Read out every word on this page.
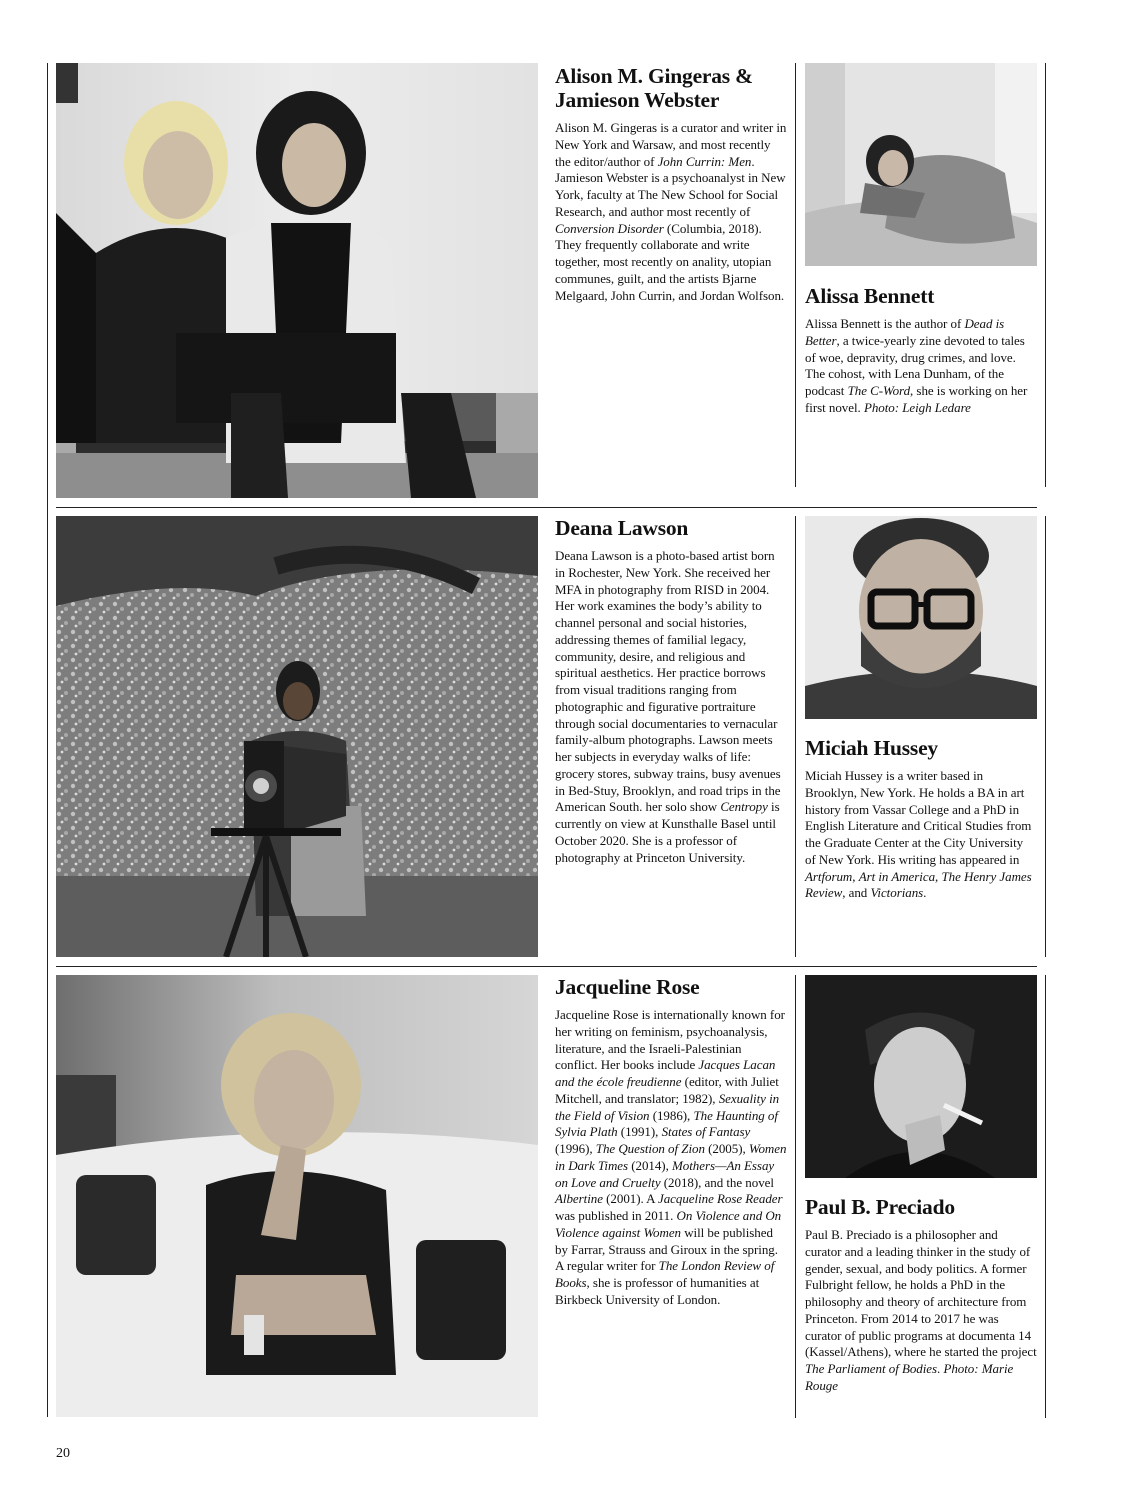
Alison M. Gingeras & Jamieson Webster

Alison M. Gingeras is a curator and writer in New York and Warsaw, and most recently the editor/author of John Currin: Men. Jamieson Webster is a psychoanalyst in New York, faculty at The New School for Social Research, and author most recently of Conversion Disorder (Columbia, 2018). They frequently collaborate and write together, most recently on anality, utopian communes, guilt, and the artists Bjarne Melgaard, John Currin, and Jordan Wolfson. Alissa Bennett

Alissa Bennett is the author of Dead is Better, a twice-yearly zine devoted to tales of woe, depravity, drug crimes, and love. The cohost, with Lena Dunham, of the podcast The C-Word, she is working on her first novel. Photo: Leigh Ledare

Deana Lawson

Deana Lawson is a photo-based artist born in Rochester, New York. She received her MFA in photography from RISD in 2004. Her work examines the body’s ability to channel personal and social histories, addressing themes of familial legacy, community, desire, and religious and spiritual aesthetics. Her practice borrows from visual traditions ranging from photographic and figurative portraiture through social documentaries to vernacular family-album photographs. Lawson meets her subjects in everyday walks of life: grocery stores, subway trains, busy avenues in Bed-Stuy, Brooklyn, and road trips in the American South. her solo show Centropy is currently on view at Kunsthalle Basel until October 2020. She is a professor of photography at Princeton University.

Miciah Hussey

Miciah Hussey is a writer based in Brooklyn, New York. He holds a BA in art history from Vassar College and a PhD in English Literature and Critical Studies from the Graduate Center at the City University of New York. His writing has appeared in Artforum, Art in America, The Henry James Review, and Victorians.

Jacqueline Rose

Jacqueline Rose is internationally known for her writing on feminism, psychoanalysis, literature, and the Israeli-Palestinian conflict. Her books include Jacques Lacan and the école freudienne (editor, with Juliet Mitchell, and translator; 1982), Sexuality in the Field of Vision (1986), The Haunting of Sylvia Plath (1991), States of Fantasy (1996), The Question of Zion (2005), Women in Dark Times (2014), Mothers—An Essay on Love and Cruelty (2018), and the novel Albertine (2001). A Jacqueline Rose Reader was published in 2011. On Violence and On Violence against Women will be published by Farrar, Strauss and Giroux in the spring. A regular writer for The London Review of Books, she is professor of humanities at Birkbeck University of London.

Paul B. Preciado

Paul B. Preciado is a philosopher and curator and a leading thinker in the study of gender, sexual, and body politics. A former Fulbright fellow, he holds a PhD in the philosophy and theory of architecture from Princeton. From 2014 to 2017 he was curator of public programs at documenta 14 (Kassel/Athens), where he started the project The Parliament of Bodies. Photo: Marie Rouge

20
